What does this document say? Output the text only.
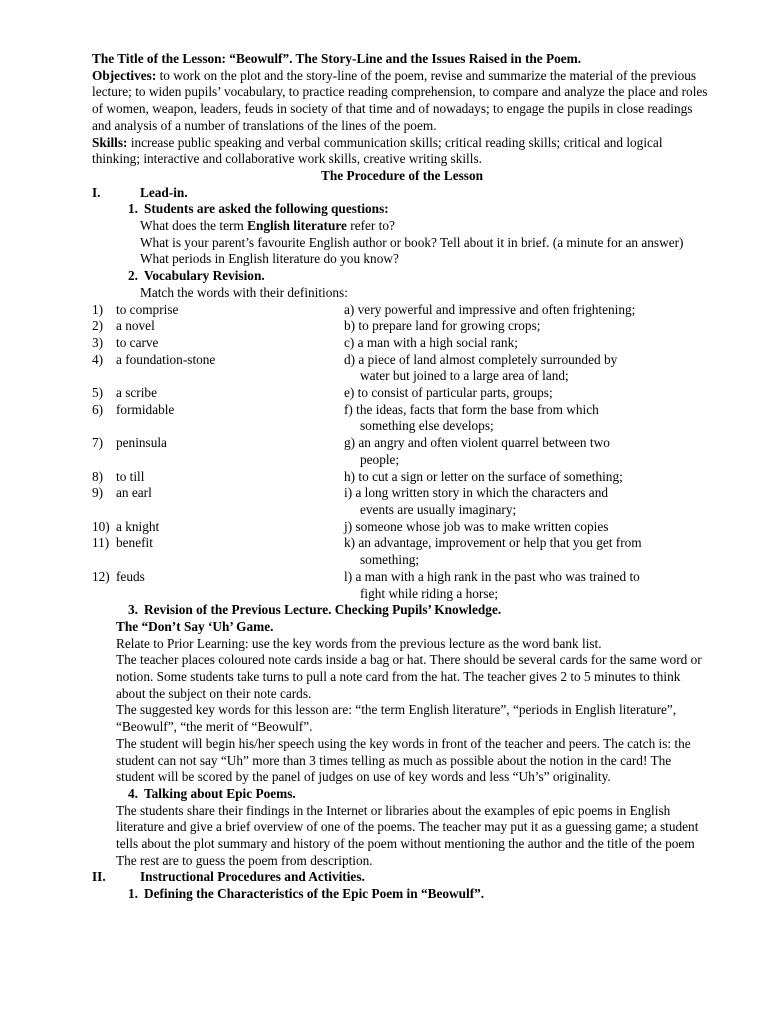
The Title of the Lesson: “Beowulf”. The Story-Line and the Issues Raised in the Poem.

Objectives: to work on the plot and the story-line of the poem, revise and summarize the material of the previous lecture; to widen pupils’ vocabulary, to practice reading comprehension, to compare and analyze the place and roles of women, weapon, leaders, feuds in society of that time and of nowadays; to engage the pupils in close readings and analysis of a number of translations of the lines of the poem.

Skills: increase public speaking and verbal communication skills; critical reading skills; critical and logical thinking; interactive and collaborative work skills, creative writing skills.

The Procedure of the Lesson

I.	Lead-in.
1. Students are asked the following questions:

What does the term English literature refer to?

What is your parent’s favourite English author or book? Tell about it in brief. (a minute for an answer)

What periods in English literature do you know?

2. Vocabulary Revision.

Match the words with their definitions:

1) to comprise	a) very powerful and impressive and often frightening;
2) a novel	b) to prepare land for growing crops;
3) to carve	c) a man with a high social rank;
4) a foundation-stone	d) a piece of land almost completely surrounded by
water but joined to a large area of land;
5) a scribe	e) to consist of particular parts, groups;
6) formidable	f) the ideas, facts that form the base from which
something else develops;
7) peninsula	g) an angry and often violent quarrel between two
people;
8) to till	h) to cut a sign or letter on the surface of something;
9) an earl	i) a long written story in which the characters and
events are usually imaginary;
10) a knight	j) someone whose job was to make written copies
11) benefit	k) an advantage, improvement or help that you get from
something;
12) feuds	l) a man with a high rank in the past who was trained to
fight while riding a horse;
3. Revision of the Previous Lecture. Checking Pupils’ Knowledge.

The “Don’t Say ‘Uh’ Game.

Relate to Prior Learning: use the key words from the previous lecture as the word bank list.

The teacher places coloured note cards inside a bag or hat. There should be several cards for the same word or notion. Some students take turns to pull a note card from the hat. The teacher gives 2 to 5 minutes to think about the subject on their note cards.

The suggested key words for this lesson are: “the term English literature”, “periods in English literature”, “Beowulf”, “the merit of “Beowulf”.

The student will begin his/her speech using the key words in front of the teacher and peers. The catch is: the student can not say “Uh” more than 3 times telling as much as possible about the notion in the card! The student will be scored by the panel of judges on use of key words and less “Uh’s” originality.

4. Talking about Epic Poems.

The students share their findings in the Internet or libraries about the examples of epic poems in English literature and give a brief overview of one of the poems. The teacher may put it as a guessing game; a student tells about the plot summary and history of the poem without mentioning the author and the title of the poem The rest are to guess the poem from description.

II.	Instructional Procedures and Activities.
1. Defining the Characteristics of the Epic Poem in “Beowulf”.
